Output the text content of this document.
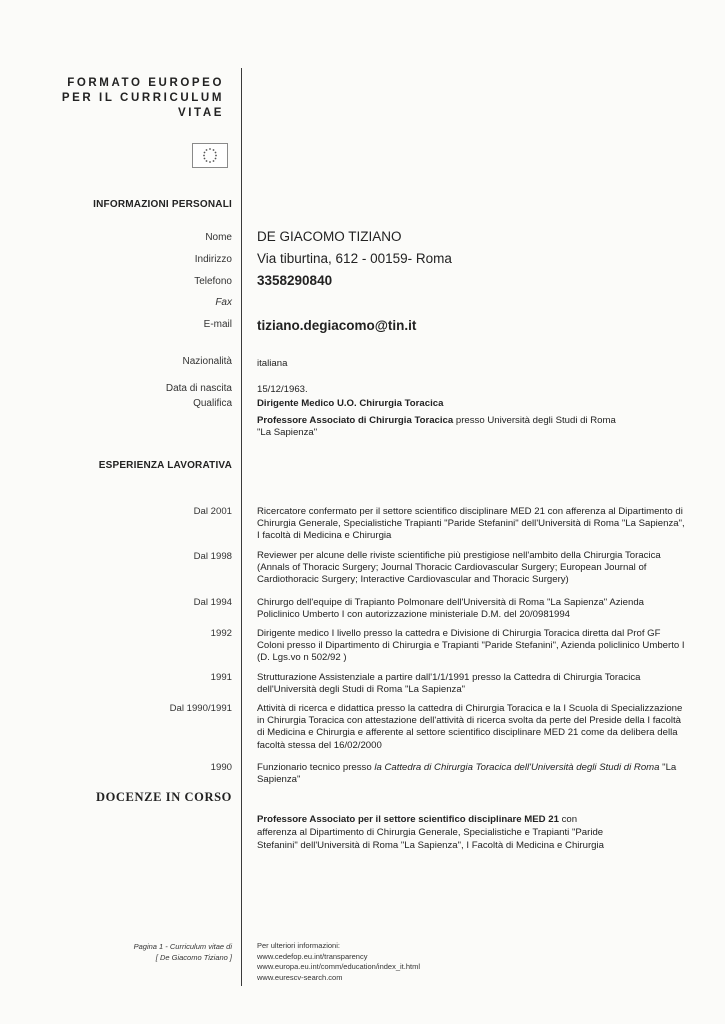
FORMATO EUROPEO
PER IL CURRICULUM
VITAE
INFORMAZIONI PERSONALI
Nome DE GIACOMO TIZIANO
Indirizzo Via tiburtina, 612 - 00159- Roma
Telefono 3358290840
Fax
E-mail tiziano.degiacomo@tin.it
Nazionalità	italiana
Data di nascita	15/12/1963.
Qualifica	Dirigente Medico U.O. Chirurgia Toracica
Professore Associato di Chirurgia Toracica presso Università degli Studi di Roma "La Sapienza"
ESPERIENZA LAVORATIVA
Dal 2001	Ricercatore confermato per il settore scientifico disciplinare MED 21 con afferenza al Dipartimento di Chirurgia Generale, Specialistiche Trapianti "Paride Stefanini" dell'Università di Roma "La Sapienza", I facoltà di Medicina e Chirurgia
Dal 1998	Reviewer per alcune delle riviste scientifiche più prestigiose nell'ambito della Chirurgia Toracica (Annals of Thoracic Surgery; Journal Thoracic Cardiovascular Surgery; European Journal of Cardiothoracic Surgery; Interactive Cardiovascular and Thoracic Surgery)
Dal 1994	Chirurgo dell'equipe di Trapianto Polmonare dell'Università di Roma "La Sapienza" Azienda Policlinico Umberto I con autorizzazione ministeriale D.M. del 20/0981994
1992	Dirigente medico I livello presso la cattedra e Divisione di Chirurgia Toracica diretta dal Prof GF Coloni presso il Dipartimento di Chirurgia e Trapianti "Paride Stefanini", Azienda policlinico Umberto I (D. Lgs.vo n 502/92 )
1991	Strutturazione Assistenziale a partire dall'1/1/1991 presso la Cattedra di Chirurgia Toracica dell'Università degli Studi di Roma "La Sapienza"
Dal 1990/1991	Attività di ricerca e didattica presso la cattedra di Chirurgia Toracica e la I Scuola di Specializzazione in Chirurgia Toracica con attestazione dell'attività di ricerca svolta da perte del Preside della I facoltà di Medicina e Chirurgia e afferente al settore scientifico disciplinare MED 21 come da delibera della facoltà stessa del 16/02/2000
1990	Funzionario tecnico presso la Cattedra di Chirurgia Toracica dell'Università degli Studi di Roma "La Sapienza"
DOCENZE IN CORSO
Professore Associato per il settore scientifico disciplinare MED 21 con afferenza al Dipartimento di Chirurgia Generale, Specialistiche e Trapianti "Paride Stefanini" dell'Università di Roma "La Sapienza", I Facoltà di Medicina e Chirurgia
Pagina 1 - Curriculum vitae di
[ De Giacomo Tiziano ]
Per ulteriori informazioni:
www.cedefop.eu.int/transparency
www.europa.eu.int/comm/education/index_it.html
www.eurescv-search.com
